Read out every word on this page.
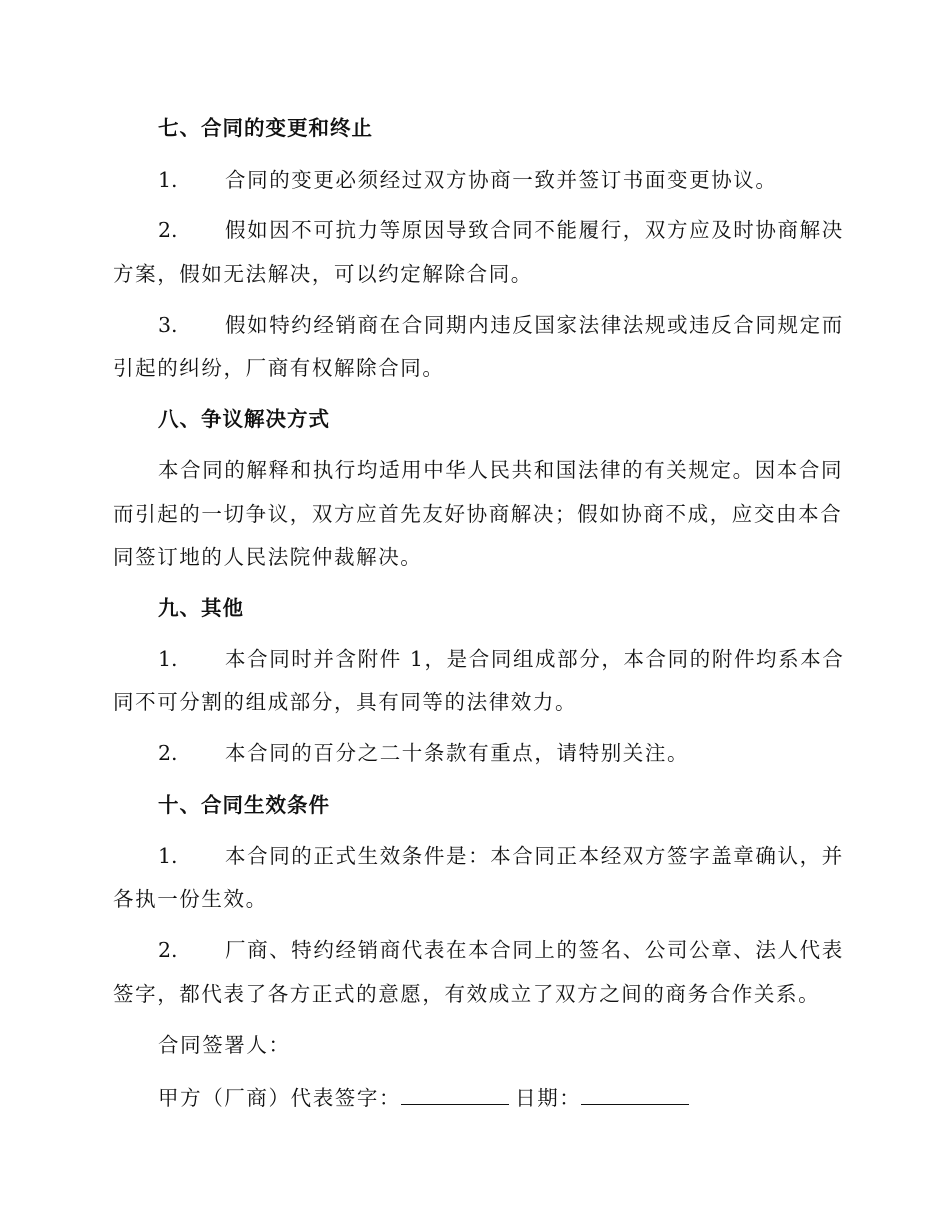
七、合同的变更和终止
1.	合同的变更必须经过双方协商一致并签订书面变更协议。
2.	假如因不可抗力等原因导致合同不能履行，双方应及时协商解决
方案，假如无法解决，可以约定解除合同。
3.	假如特约经销商在合同期内违反国家法律法规或违反合同规定而
引起的纠纷，厂商有权解除合同。
八、争议解决方式
本合同的解释和执行均适用中华人民共和国法律的有关规定。因本合同
而引起的一切争议，双方应首先友好协商解决；假如协商不成，应交由本合
同签订地的人民法院仲裁解决。
九、其他
1.	本合同时并含附件 1，是合同组成部分，本合同的附件均系本合
同不可分割的组成部分，具有同等的法律效力。
2.	本合同的百分之二十条款有重点，请特别关注。
十、合同生效条件
1.	本合同的正式生效条件是：本合同正本经双方签字盖章确认，并
各执一份生效。
2.	厂商、特约经销商代表在本合同上的签名、公司公章、法人代表
签字，都代表了各方正式的意愿，有效成立了双方之间的商务合作关系。
合同签署人：
甲方（厂商）代表签字：	日期：
